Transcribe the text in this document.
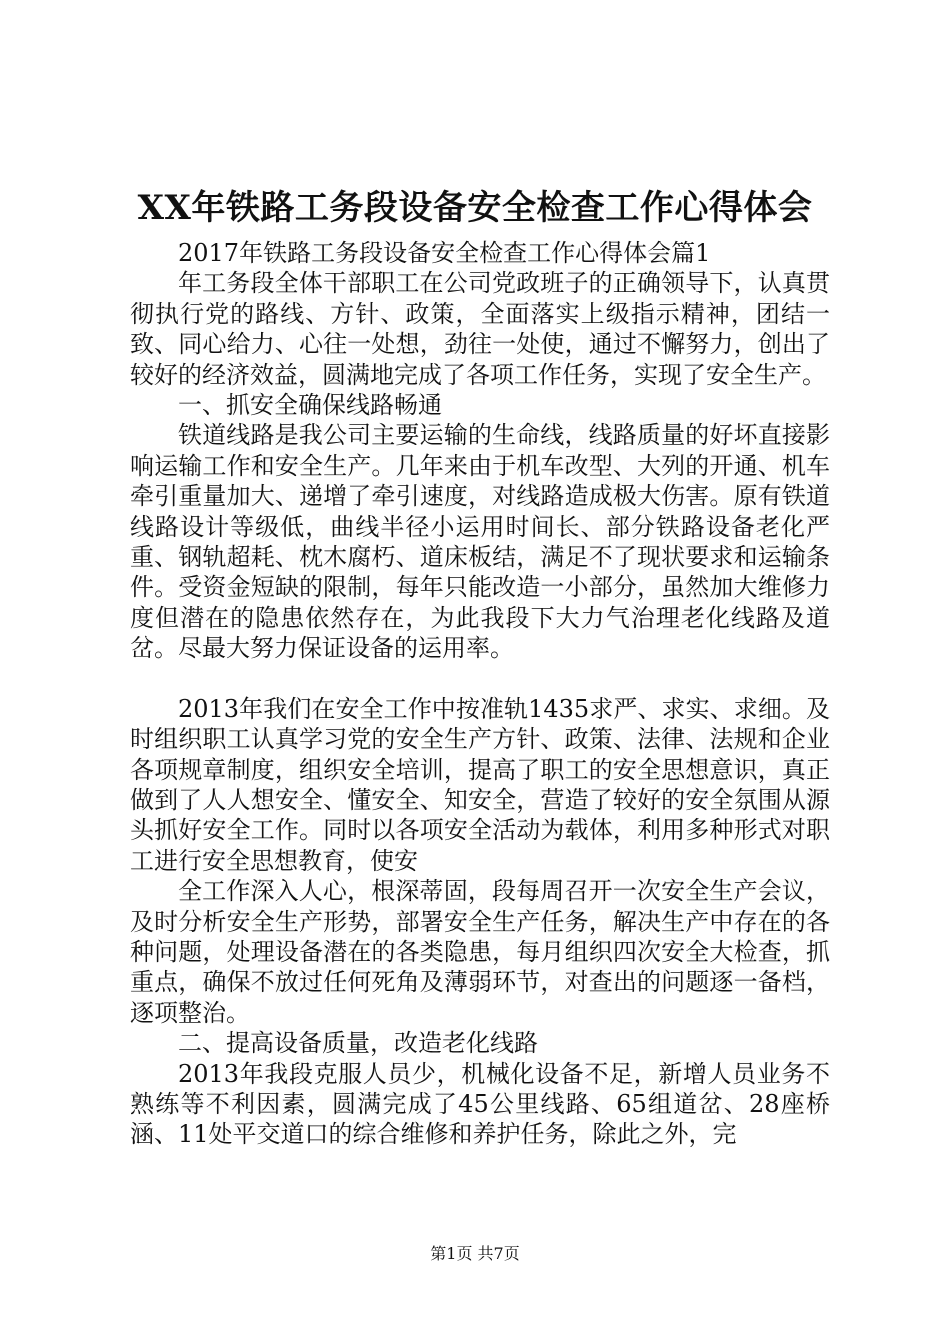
XX年铁路工务段设备安全检查工作心得体会

2017年铁路工务段设备安全检查工作心得体会篇1

年工务段全体干部职工在公司党政班子的正确领导下，认真贯彻执行党的路线、方针、政策，全面落实上级指示精神，团结一致、同心给力、心往一处想，劲往一处使，通过不懈努力，创出了较好的经济效益，圆满地完成了各项工作任务，实现了安全生产。

一、抓安全确保线路畅通

铁道线路是我公司主要运输的生命线，线路质量的好坏直接影响运输工作和安全生产。几年来由于机车改型、大列的开通、机车牵引重量加大、递增了牵引速度，对线路造成极大伤害。原有铁道线路设计等级低，曲线半径小运用时间长、部分铁路设备老化严重、钢轨超耗、枕木腐朽、道床板结，满足不了现状要求和运输条件。受资金短缺的限制，每年只能改造一小部分，虽然加大维修力度但潜在的隐患依然存在，为此我段下大力气治理老化线路及道岔。尽最大努力保证设备的运用率。

2013年我们在安全工作中按准轨1435求严、求实、求细。及时组织职工认真学习党的安全生产方针、政策、法律、法规和企业各项规章制度，组织安全培训，提高了职工的安全思想意识，真正做到了人人想安全、懂安全、知安全，营造了较好的安全氛围从源头抓好安全工作。同时以各项安全活动为载体，利用多种形式对职工进行安全思想教育，使安

全工作深入人心，根深蒂固，段每周召开一次安全生产会议，及时分析安全生产形势，部署安全生产任务，解决生产中存在的各种问题，处理设备潜在的各类隐患，每月组织四次安全大检查，抓重点，确保不放过任何死角及薄弱环节，对查出的问题逐一备档，逐项整治。

二、提高设备质量，改造老化线路

2013年我段克服人员少，机械化设备不足，新增人员业务不熟练等不利因素，圆满完成了45公里线路、65组道岔、28座桥涵、11处平交道口的综合维修和养护任务，除此之外，完

第1页 共7页
